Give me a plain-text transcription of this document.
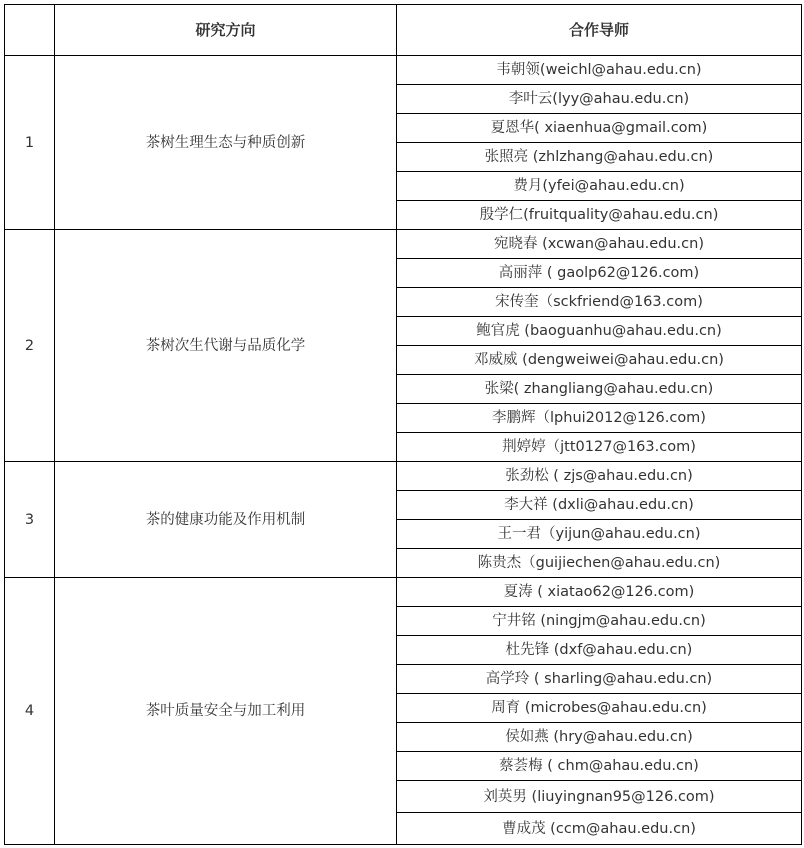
	研究方向	合作导师
1	茶树生理生态与种质创新	韦朝领(weichl@ahau.edu.cn)
		李叶云(lyy@ahau.edu.cn)
		夏恩华( xiaenhua@gmail.com)
		张照亮 (zhlzhang@ahau.edu.cn)
		费月(yfei@ahau.edu.cn)
		殷学仁(fruitquality@ahau.edu.cn)
2	茶树次生代谢与品质化学	宛晓春 (xcwan@ahau.edu.cn)
		高丽萍 ( gaolp62@126.com)
		宋传奎（sckfriend@163.com)
		鲍官虎 (baoguanhu@ahau.edu.cn)
		邓威威 (dengweiwei@ahau.edu.cn)
		张梁( zhangliang@ahau.edu.cn)
		李鹏辉（lphui2012@126.com)
		荆婷婷（jtt0127@163.com)
3	茶的健康功能及作用机制	张劲松 ( zjs@ahau.edu.cn)
		李大祥 (dxli@ahau.edu.cn)
		王一君（yijun@ahau.edu.cn)
		陈贵杰（guijiechen@ahau.edu.cn)
4	茶叶质量安全与加工利用	夏涛 ( xiatao62@126.com)
		宁井铭 (ningjm@ahau.edu.cn)
		杜先锋 (dxf@ahau.edu.cn)
		高学玲 ( sharling@ahau.edu.cn)
		周育 (microbes@ahau.edu.cn)
		侯如燕 (hry@ahau.edu.cn)
		蔡荟梅 ( chm@ahau.edu.cn)
		刘英男 (liuyingnan95@126.com)
		曹成茂 (ccm@ahau.edu.cn)
